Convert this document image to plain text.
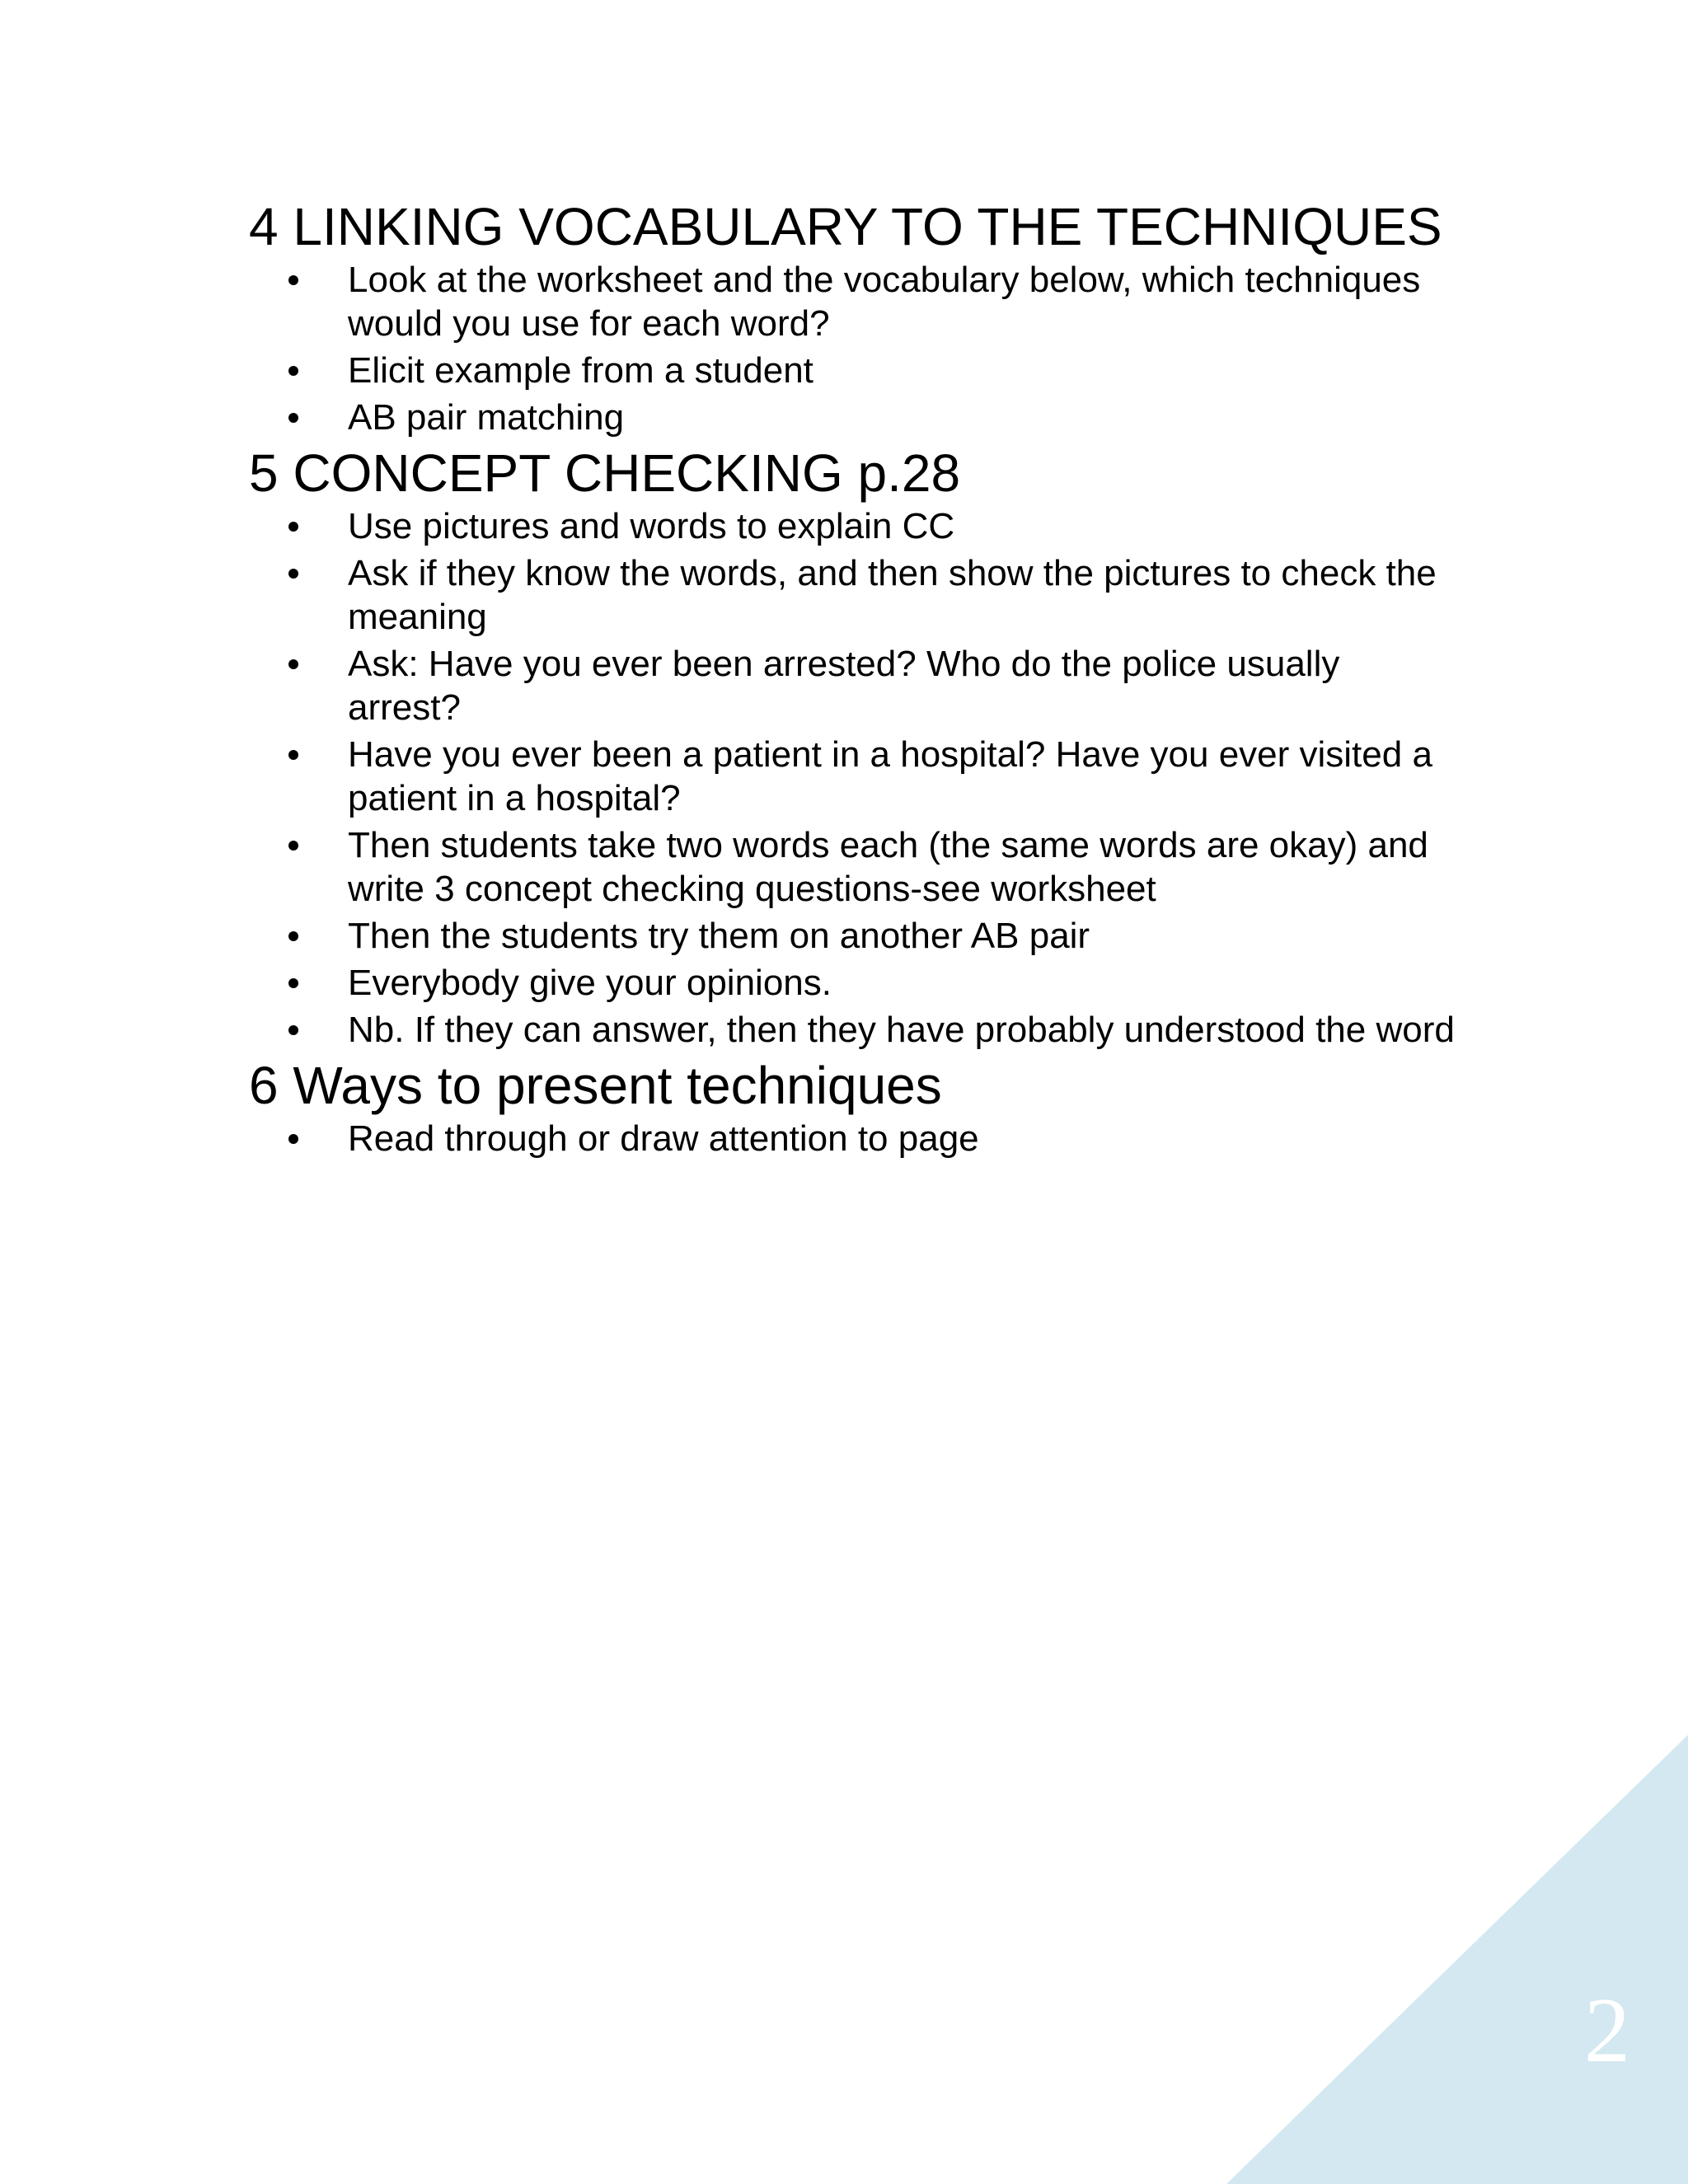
4 LINKING VOCABULARY TO THE TECHNIQUES
Look at the worksheet and the vocabulary below, which techniques would you use for each word?
Elicit example from a student
AB pair matching
5 CONCEPT CHECKING p.28
Use pictures and words to explain CC
Ask if they know the words, and then show the pictures to check the meaning
Ask: Have you ever been arrested? Who do the police usually arrest?
Have you ever been a patient in a hospital? Have you ever visited a patient in a hospital?
Then students take two words each (the same words are okay) and write 3 concept checking questions-see worksheet
Then the students try them on another AB pair
Everybody give your opinions.
Nb. If they can answer, then they have probably understood the word
6 Ways to present techniques
Read through or draw attention to page
2
